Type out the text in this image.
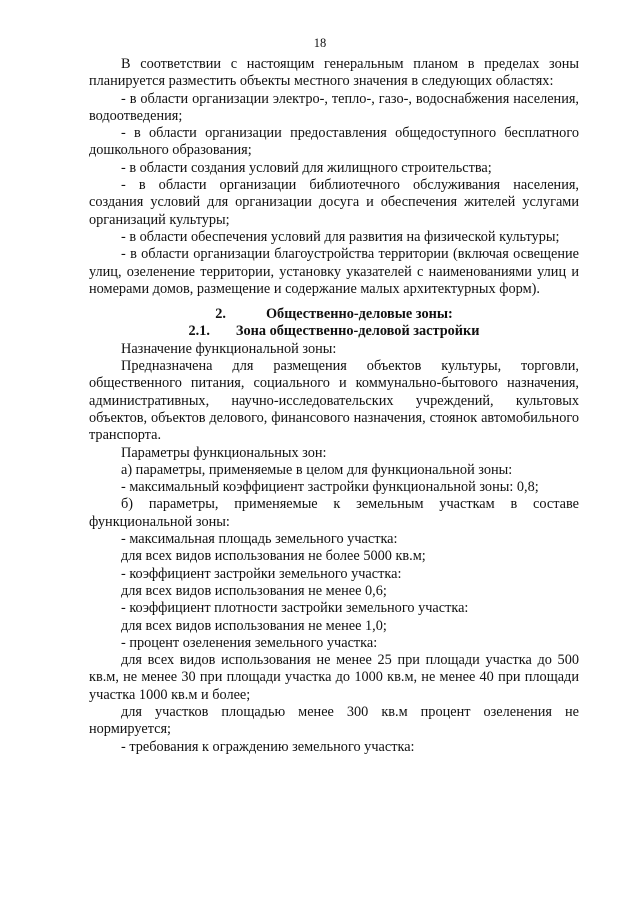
18

В соответствии с настоящим генеральным планом в пределах зоны планируется разместить объекты местного значения в следующих областях:

- в области организации электро-, тепло-, газо-, водоснабжения населения, водоотведения;

- в области организации предоставления общедоступного бесплатного дошкольного образования;

- в области создания условий для жилищного строительства;

- в области организации библиотечного обслуживания населения, создания условий для организации досуга и обеспечения жителей услугами организаций культуры;

- в области обеспечения условий для развития на физической культуры;

- в области организации благоустройства территории (включая освещение улиц, озеленение территории, установку указателей с наименованиями улиц и номерами домов, размещение и содержание малых архитектурных форм).

2.	Общественно-деловые зоны:

2.1. Зона общественно-деловой застройки

Назначение функциональной зоны:

Предназначена для размещения объектов культуры, торговли, общественного питания, социального и коммунально-бытового назначения, административных, научно-исследовательских учреждений, культовых объектов, объектов делового, финансового назначения, стоянок автомобильного транспорта.

Параметры функциональных зон:

а) параметры, применяемые в целом для функциональной зоны:

- максимальный коэффициент застройки функциональной зоны: 0,8;

б) параметры, применяемые к земельным участкам в составе функциональной зоны:

- максимальная площадь земельного участка:

для всех видов использования не более 5000 кв.м;

- коэффициент застройки земельного участка:

для всех видов использования не менее 0,6;

- коэффициент плотности застройки земельного участка:

для всех видов использования не менее 1,0;

- процент озеленения земельного участка:

для всех видов использования не менее 25 при площади участка до 500 кв.м, не менее 30 при площади участка до 1000 кв.м, не менее 40 при площади участка 1000 кв.м и более;

для участков площадью менее 300 кв.м процент озеленения не нормируется;

- требования к ограждению земельного участка:
